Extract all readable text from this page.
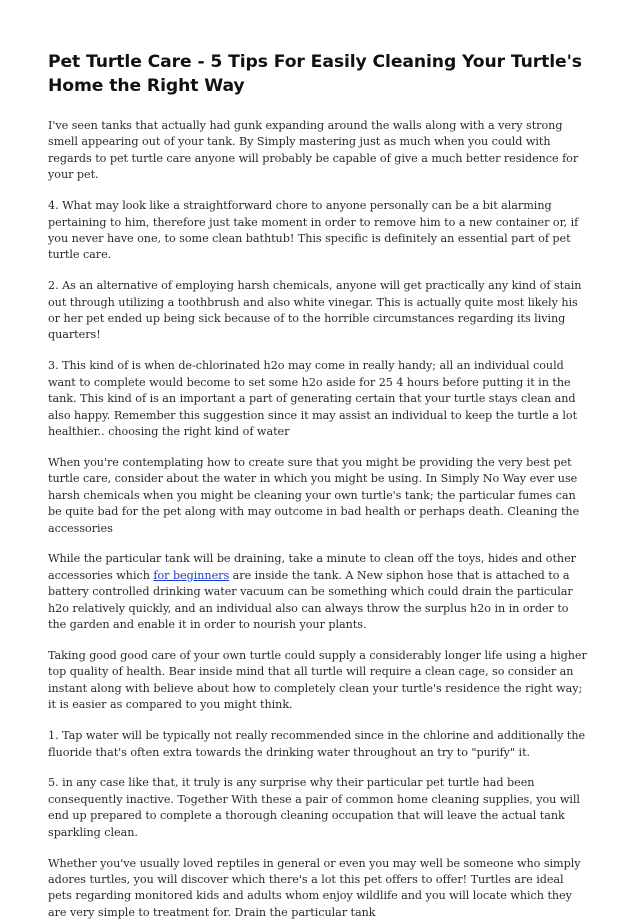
Pet Turtle Care - 5 Tips For Easily Cleaning Your Turtle's Home the Right Way

I've seen tanks that actually had gunk expanding around the walls along with a very strong smell appearing out of your tank. By Simply mastering just as much when you could with regards to pet turtle care anyone will probably be capable of give a much better residence for your pet.

4. What may look like a straightforward chore to anyone personally can be a bit alarming pertaining to him, therefore just take moment in order to remove him to a new container or, if you never have one, to some clean bathtub! This specific is definitely an essential part of pet turtle care.

2. As an alternative of employing harsh chemicals, anyone will get practically any kind of stain out through utilizing a toothbrush and also white vinegar. This is actually quite most likely his or her pet ended up being sick because of to the horrible circumstances regarding its living quarters!

3. This kind of is when de-chlorinated h2o may come in really handy; all an individual could want to complete would become to set some h2o aside for 25 4 hours before putting it in the tank. This kind of is an important a part of generating certain that your turtle stays clean and also happy. Remember this suggestion since it may assist an individual to keep the turtle a lot healthier.. choosing the right kind of water

When you're contemplating how to create sure that you might be providing the very best pet turtle care, consider about the water in which you might be using. In Simply No Way ever use harsh chemicals when you might be cleaning your own turtle's tank; the particular fumes can be quite bad for the pet along with may outcome in bad health or perhaps death. Cleaning the accessories

While the particular tank will be draining, take a minute to clean off the toys, hides and other accessories which for beginners are inside the tank. A New siphon hose that is attached to a battery controlled drinking water vacuum can be something which could drain the particular h2o relatively quickly, and an individual also can always throw the surplus h2o in in order to the garden and enable it in order to nourish your plants.

Taking good good care of your own turtle could supply a considerably longer life using a higher top quality of health. Bear inside mind that all turtle will require a clean cage, so consider an instant along with believe about how to completely clean your turtle's residence the right way; it is easier as compared to you might think.

1. Tap water will be typically not really recommended since in the chlorine and additionally the fluoride that's often extra towards the drinking water throughout an try to "purify" it.

5. in any case like that, it truly is any surprise why their particular pet turtle had been consequently inactive. Together With these a pair of common home cleaning supplies, you will end up prepared to complete a thorough cleaning occupation that will leave the actual tank sparkling clean.

Whether you've usually loved reptiles in general or even you may well be someone who simply adores turtles, you will discover which there's a lot this pet offers to offer! Turtles are ideal pets regarding monitored kids and adults whom enjoy wildlife and you will locate which they are very simple to treatment for. Drain the particular tank
